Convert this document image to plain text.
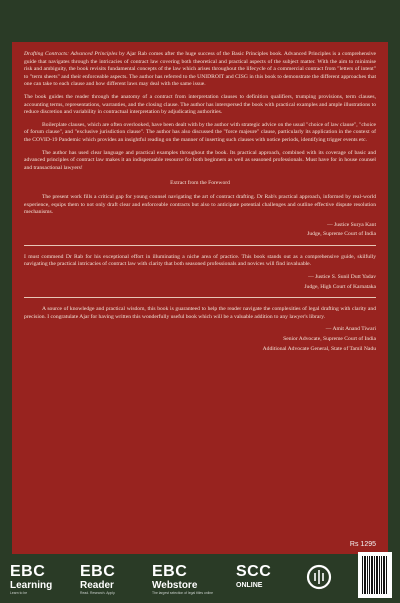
Drafting Contracts: Advanced Principles by Ajar Rab comes after the huge success of the Basic Principles book. Advanced Principles is a comprehensive guide that navigates through the intricacies of contract law covering both theoretical and practical aspects of the subject matter. With the aim to minimise risk and ambiguity, the book revisits fundamental concepts of the law which arises throughout the lifecycle of a commercial contract from "letters of intent" to "term sheets" and their enforceable aspects. The author has referred to the UNIDROIT and CISG in this book to demonstrate the different approaches that one can take to each clause and how different laws may deal with the same issue.

The book guides the reader through the anatomy of a contract from interpretation clauses to definition qualifiers, trumping provisions, term clauses, accounting terms, representations, warranties, and the closing clause. The author has interspersed the book with practical examples and ample illustrations to reduce discretion and variability in contractual interpretation by adjudicating authorities.

Boilerplate clauses, which are often overlooked, have been dealt with by the author with strategic advice on the usual "choice of law clause", "choice of forum clause", and "exclusive jurisdiction clause". The author has also discussed the "force majeure" clause, particularly its application in the context of the COVID-19 Pandemic which provides an insightful reading on the manner of inserting such clauses with notice periods, identifying trigger events etc.

The author has used clear language and practical examples throughout the book. Its practical approach, combined with its coverage of basic and advanced principles of contract law makes it an indispensable resource for both beginners as well as seasoned professionals. Must have for in house counsel and transactional lawyers!

Extract from the Foreword

The present work fills a critical gap for young counsel navigating the art of contract drafting. Dr Rab's practical approach, informed by real-world experience, equips them to not only draft clear and enforceable contracts but also to anticipate potential challenges and outline effective dispute resolution mechanisms.

— Justice Surya Kant
Judge, Supreme Court of India

I must commend Dr Rab for his exceptional effort in illuminating a niche area of practice. This book stands out as a comprehensive guide, skilfully navigating the practical intricacies of contract law with clarity that both seasoned professionals and novices will find invaluable.

— Justice S. Sunil Dutt Yadav
Judge, High Court of Karnataka

A source of knowledge and practical wisdom, this book is guaranteed to help the reader navigate the complexities of legal drafting with clarity and precision. I congratulate Ajar for having written this wonderfully useful book which will be a valuable addition to any lawyer's library.

— Amit Anand Tiwari
Senior Advocate, Supreme Court of India
Additional Advocate General, State of Tamil Nadu
Rs 1295
EBC
Learning
Learn to be
EBC
Reader
Read. Research. Apply.
EBC
Webstore
The largest selection of legal titles online
SCC
ONLINE
